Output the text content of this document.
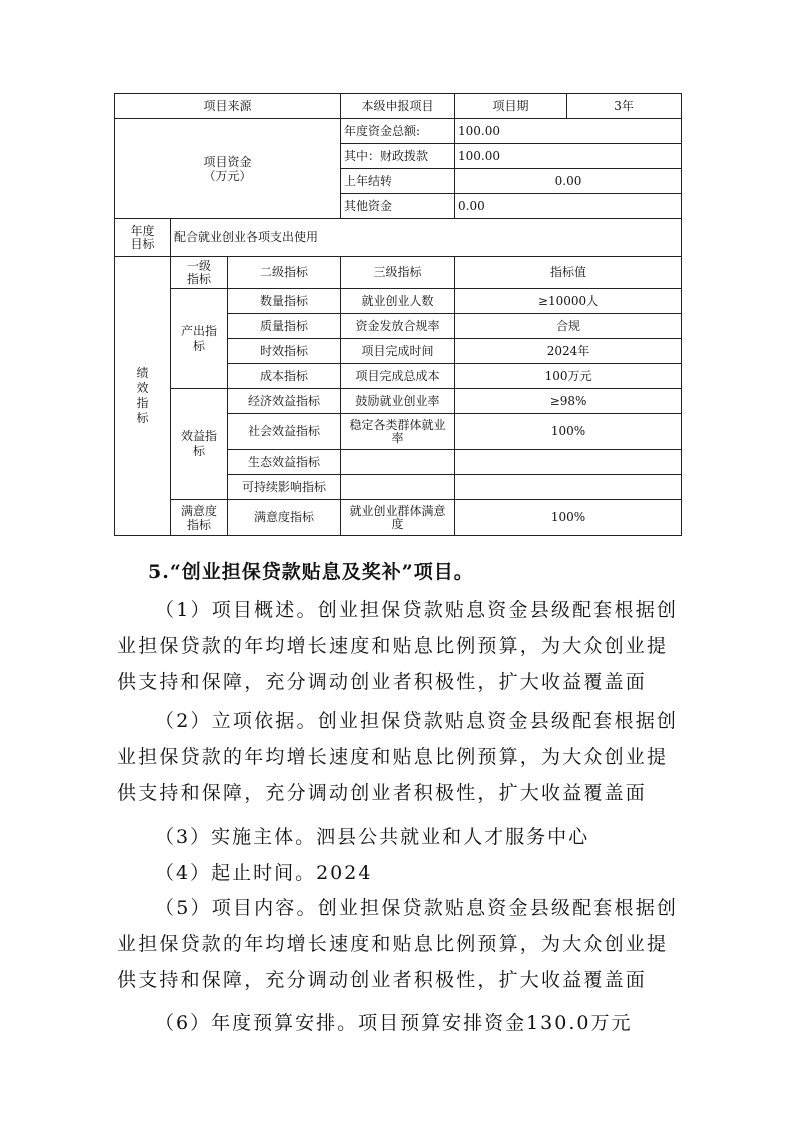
项目来源			本级申报项目	项目期	3年
项目资金（万元）			年度资金总额:	100.00	
			其中：财政拨款	100.00	
			上年结转	0.00	
			其他资金	0.00	
年度目标	配合就业创业各项支出使用				
绩效指标	一级指标	二级指标	三级指标	指标值	
	产出指标	数量指标	就业创业人数	≥10000人	
		质量指标	资金发放合规率	合规	
		时效指标	项目完成时间	2024年	
		成本指标	项目完成总成本	100万元	
	效益指标	经济效益指标	鼓励就业创业率	≥98%	
		社会效益指标	稳定各类群体就业率	100%	
		生态效益指标			
		可持续影响指标			
	满意度指标	满意度指标	就业创业群体满意度	100%	
5.“创业担保贷款贴息及奖补”项目。
（1）项目概述。创业担保贷款贴息资金县级配套根据创业担保贷款的年均增长速度和贴息比例预算，为大众创业提供支持和保障，充分调动创业者积极性，扩大收益覆盖面
（2）立项依据。创业担保贷款贴息资金县级配套根据创业担保贷款的年均增长速度和贴息比例预算，为大众创业提供支持和保障，充分调动创业者积极性，扩大收益覆盖面
（3）实施主体。泗县公共就业和人才服务中心
（4）起止时间。2024
（5）项目内容。创业担保贷款贴息资金县级配套根据创业担保贷款的年均增长速度和贴息比例预算，为大众创业提供支持和保障，充分调动创业者积极性，扩大收益覆盖面
（6）年度预算安排。项目预算安排资金130.0万元
